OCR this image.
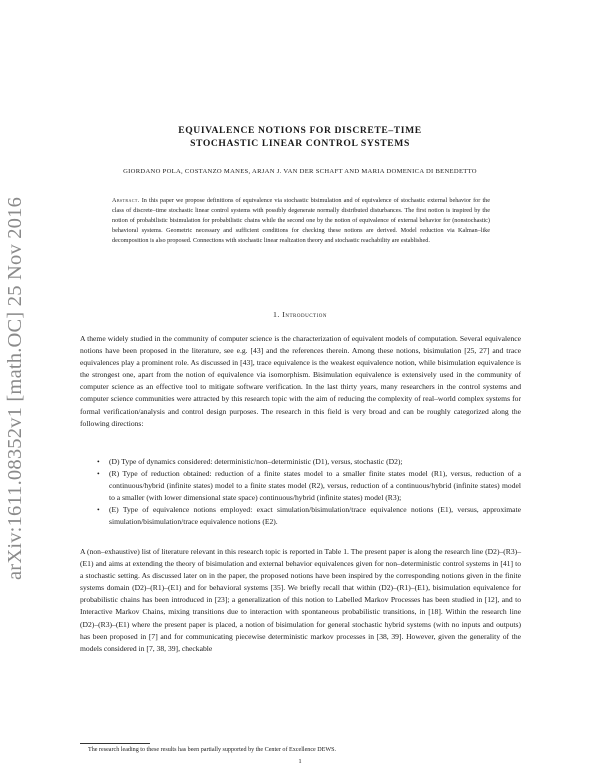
arXiv:1611.08352v1 [math.OC] 25 Nov 2016
EQUIVALENCE NOTIONS FOR DISCRETE–TIME
STOCHASTIC LINEAR CONTROL SYSTEMS
GIORDANO POLA, COSTANZO MANES, ARJAN J. VAN DER SCHAFT AND MARIA DOMENICA DI BENEDETTO
Abstract. In this paper we propose definitions of equivalence via stochastic bisimulation and of equivalence of stochastic external behavior for the class of discrete–time stochastic linear control systems with possibly degenerate normally distributed disturbances. The first notion is inspired by the notion of probabilistic bisimulation for probabilistic chains while the second one by the notion of equivalence of external behavior for (nonstochastic) behavioral systems. Geometric necessary and sufficient conditions for checking these notions are derived. Model reduction via Kalman–like decomposition is also proposed. Connections with stochastic linear realization theory and stochastic reachability are established.
1. Introduction
A theme widely studied in the community of computer science is the characterization of equivalent models of computation. Several equivalence notions have been proposed in the literature, see e.g. [43] and the references therein. Among these notions, bisimulation [25, 27] and trace equivalences play a prominent role. As discussed in [43], trace equivalence is the weakest equivalence notion, while bisimulation equivalence is the strongest one, apart from the notion of equivalence via isomorphism. Bisimulation equivalence is extensively used in the community of computer science as an effective tool to mitigate software verification. In the last thirty years, many researchers in the control systems and computer science communities were attracted by this research topic with the aim of reducing the complexity of real–world complex systems for formal verification/analysis and control design purposes. The research in this field is very broad and can be roughly categorized along the following directions:
• (D) Type of dynamics considered: deterministic/non–deterministic (D1), versus, stochastic (D2);
• (R) Type of reduction obtained: reduction of a finite states model to a smaller finite states model (R1), versus, reduction of a continuous/hybrid (infinite states) model to a finite states model (R2), versus, reduction of a continuous/hybrid (infinite states) model to a smaller (with lower dimensional state space) continuous/hybrid (infinite states) model (R3);
• (E) Type of equivalence notions employed: exact simulation/bisimulation/trace equivalence notions (E1), versus, approximate simulation/bisimulation/trace equivalence notions (E2).
A (non–exhaustive) list of literature relevant in this research topic is reported in Table 1. The present paper is along the research line (D2)–(R3)–(E1) and aims at extending the theory of bisimulation and external behavior equivalences given for non–deterministic control systems in [41] to a stochastic setting. As discussed later on in the paper, the proposed notions have been inspired by the corresponding notions given in the finite systems domain (D2)–(R1)–(E1) and for behavioral systems [35]. We briefly recall that within (D2)–(R1)–(E1), bisimulation equivalence for probabilistic chains has been introduced in [23]; a generalization of this notion to Labelled Markov Processes has been studied in [12], and to Interactive Markov Chains, mixing transitions due to interaction with spontaneous probabilistic transitions, in [18]. Within the research line (D2)–(R3)–(E1) where the present paper is placed, a notion of bisimulation for general stochastic hybrid systems (with no inputs and outputs) has been proposed in [7] and for communicating piecewise deterministic markov processes in [38, 39]. However, given the generality of the models considered in [7, 38, 39], checkable
The research leading to these results has been partially supported by the Center of Excellence DEWS.
1
